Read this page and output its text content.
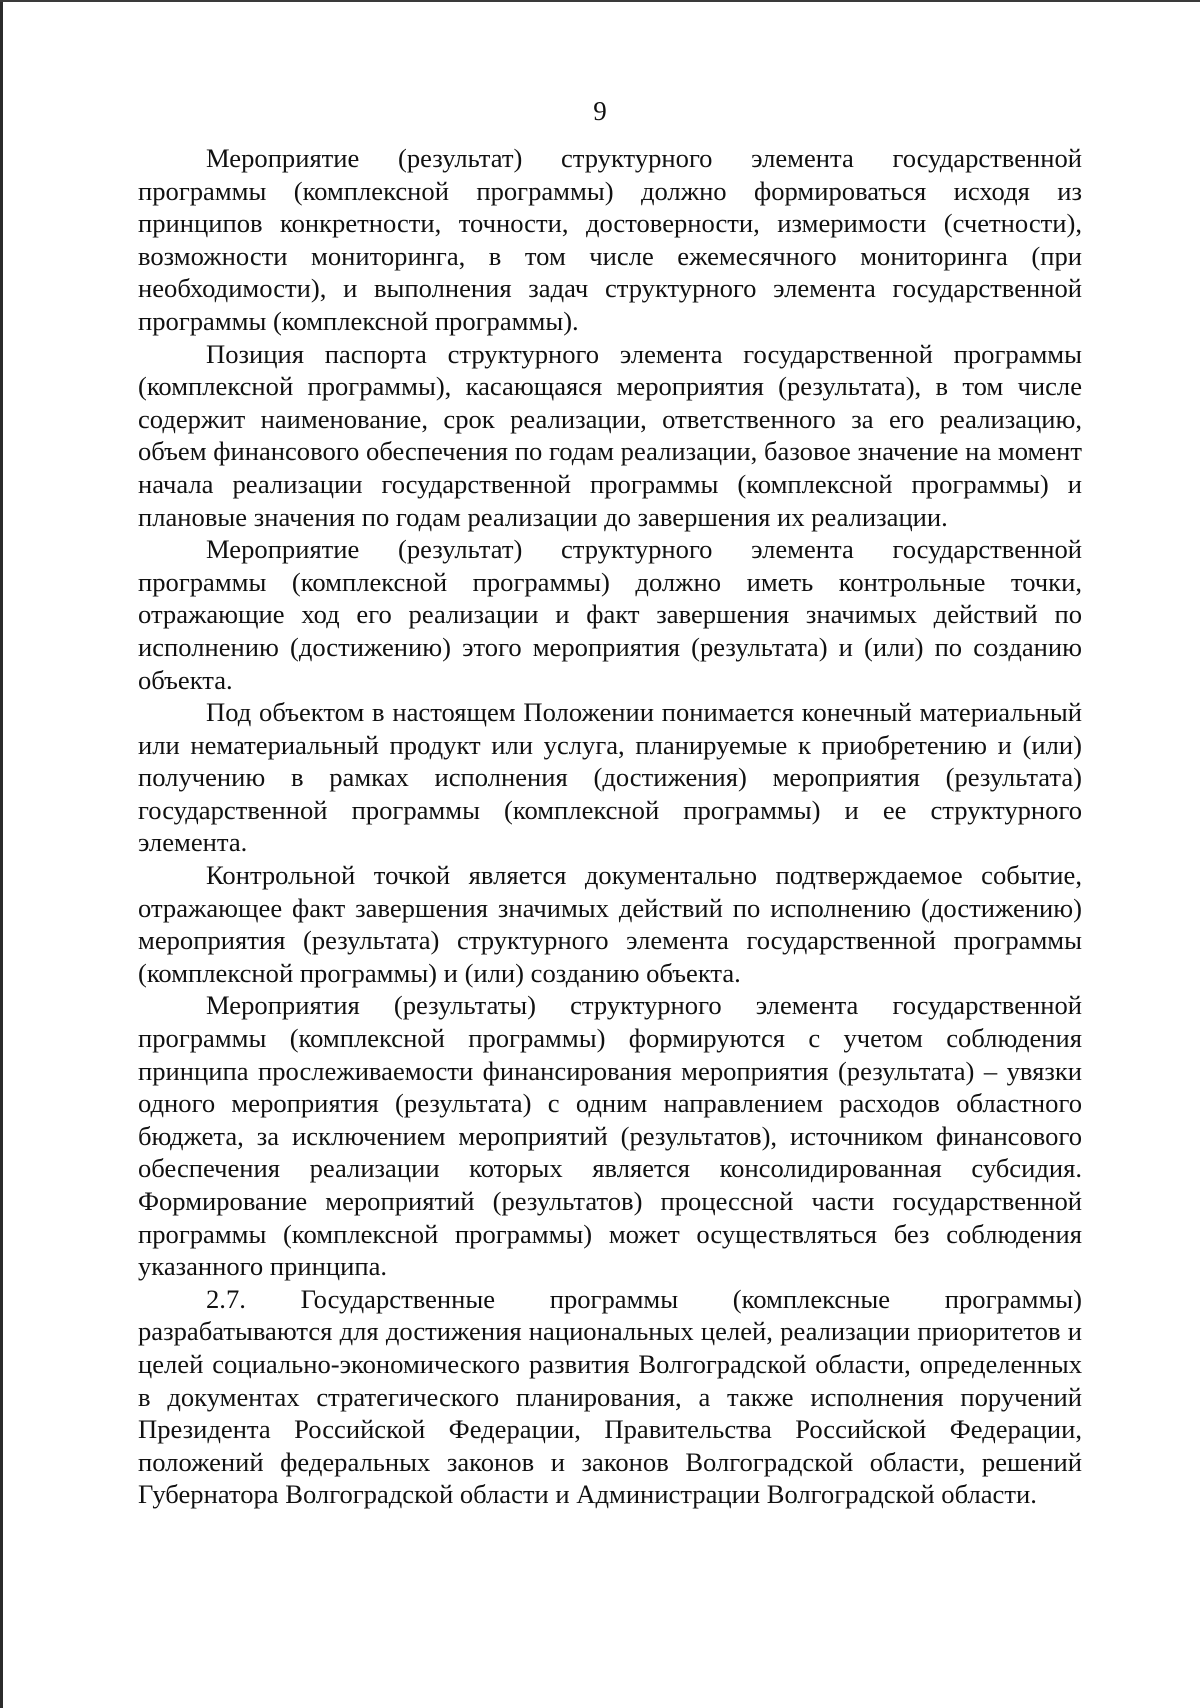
9

Мероприятие (результат) структурного элемента государственной программы (комплексной программы) должно формироваться исходя из принципов конкретности, точности, достоверности, измеримости (счетности), возможности мониторинга, в том числе ежемесячного мониторинга (при необходимости), и выполнения задач структурного элемента государственной программы (комплексной программы).

Позиция паспорта структурного элемента государственной программы (комплексной программы), касающаяся мероприятия (результата), в том числе содержит наименование, срок реализации, ответственного за его реализацию, объем финансового обеспечения по годам реализации, базовое значение на момент начала реализации государственной программы (комплексной программы) и плановые значения по годам реализации до завершения их реализации.

Мероприятие (результат) структурного элемента государственной программы (комплексной программы) должно иметь контрольные точки, отражающие ход его реализации и факт завершения значимых действий по исполнению (достижению) этого мероприятия (результата) и (или) по созданию объекта.

Под объектом в настоящем Положении понимается конечный материальный или нематериальный продукт или услуга, планируемые к приобретению и (или) получению в рамках исполнения (достижения) мероприятия (результата) государственной программы (комплексной программы) и ее структурного элемента.

Контрольной точкой является документально подтверждаемое событие, отражающее факт завершения значимых действий по исполнению (достижению) мероприятия (результата) структурного элемента государственной программы (комплексной программы) и (или) созданию объекта.

Мероприятия (результаты) структурного элемента государственной программы (комплексной программы) формируются с учетом соблюдения принципа прослеживаемости финансирования мероприятия (результата) – увязки одного мероприятия (результата) с одним направлением расходов областного бюджета, за исключением мероприятий (результатов), источником финансового обеспечения реализации которых является консолидированная субсидия. Формирование мероприятий (результатов) процессной части государственной программы (комплексной программы) может осуществляться без соблюдения указанного принципа.

2.7. Государственные программы (комплексные программы) разрабатываются для достижения национальных целей, реализации приоритетов и целей социально-экономического развития Волгоградской области, определенных в документах стратегического планирования, а также исполнения поручений Президента Российской Федерации, Правительства Российской Федерации, положений федеральных законов и законов Волгоградской области, решений Губернатора Волгоградской области и Администрации Волгоградской области.
